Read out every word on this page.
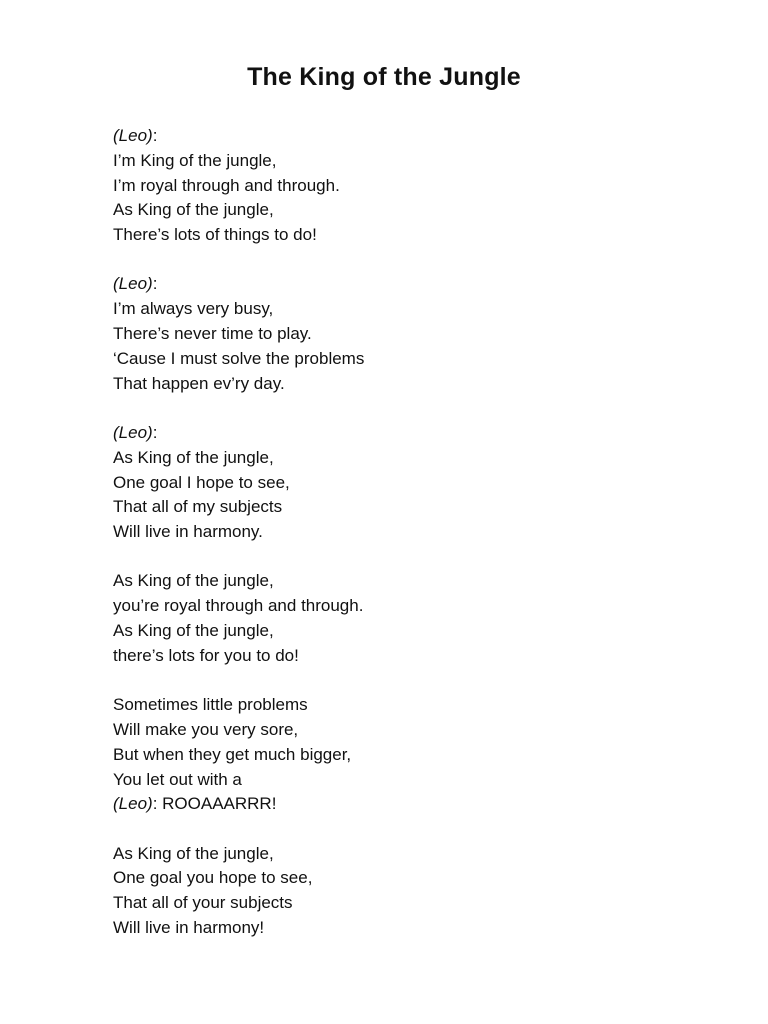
The King of the Jungle
(Leo):
I’m King of the jungle,
I’m royal through and through.
As King of the jungle,
There’s lots of things to do!
(Leo):
I’m always very busy,
There’s never time to play.
‘Cause I must solve the problems
That happen ev’ry day.
(Leo):
As King of the jungle,
One goal I hope to see,
That all of my subjects
Will live in harmony.
As King of the jungle,
you’re royal through and through.
As King of the jungle,
there’s lots for you to do!
Sometimes little problems
Will make you very sore,
But when they get much bigger,
You let out with a
(Leo): ROOAAARRR!
As King of the jungle,
One goal you hope to see,
That all of your subjects
Will live in harmony!
